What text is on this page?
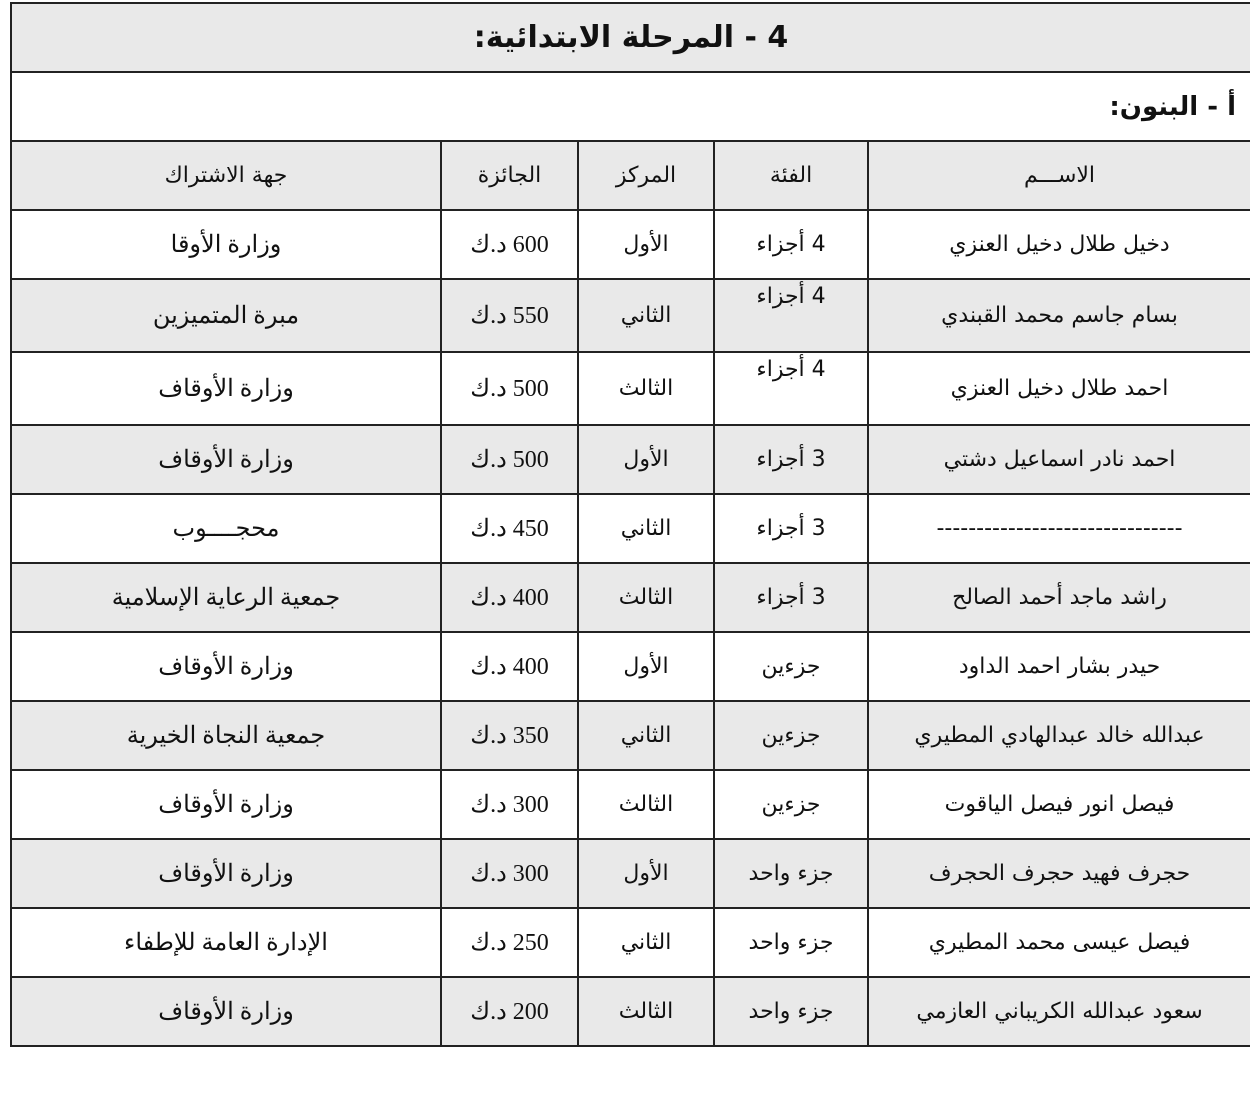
4 - المرحلة الابتدائية:				
أ - البنون:				
الاســـم	الفئة	المركز	الجائزة	جهة الاشتراك
دخيل طلال دخيل العنزي	4 أجزاء	الأول	600 د.ك	وزارة الأوقا
بسام جاسم محمد القبندي	4 أجزاء	الثاني	550 د.ك	مبرة المتميزين
احمد طلال دخيل العنزي	4 أجزاء	الثالث	500 د.ك	وزارة الأوقاف
احمد نادر اسماعيل دشتي	3 أجزاء	الأول	500 د.ك	وزارة الأوقاف
-------------------------------	3 أجزاء	الثاني	450 د.ك	محجــــوب
راشد ماجد أحمد الصالح	3 أجزاء	الثالث	400 د.ك	جمعية الرعاية الإسلامية
حيدر بشار احمد الداود	جزءين	الأول	400 د.ك	وزارة الأوقاف
عبدالله خالد عبدالهادي المطيري	جزءين	الثاني	350 د.ك	جمعية النجاة الخيرية
فيصل انور فيصل الياقوت	جزءين	الثالث	300 د.ك	وزارة الأوقاف
حجرف فهيد حجرف الحجرف	جزء واحد	الأول	300 د.ك	وزارة الأوقاف
فيصل عيسى محمد المطيري	جزء واحد	الثاني	250 د.ك	الإدارة العامة للإطفاء
سعود عبدالله الكريباني العازمي	جزء واحد	الثالث	200 د.ك	وزارة الأوقاف
